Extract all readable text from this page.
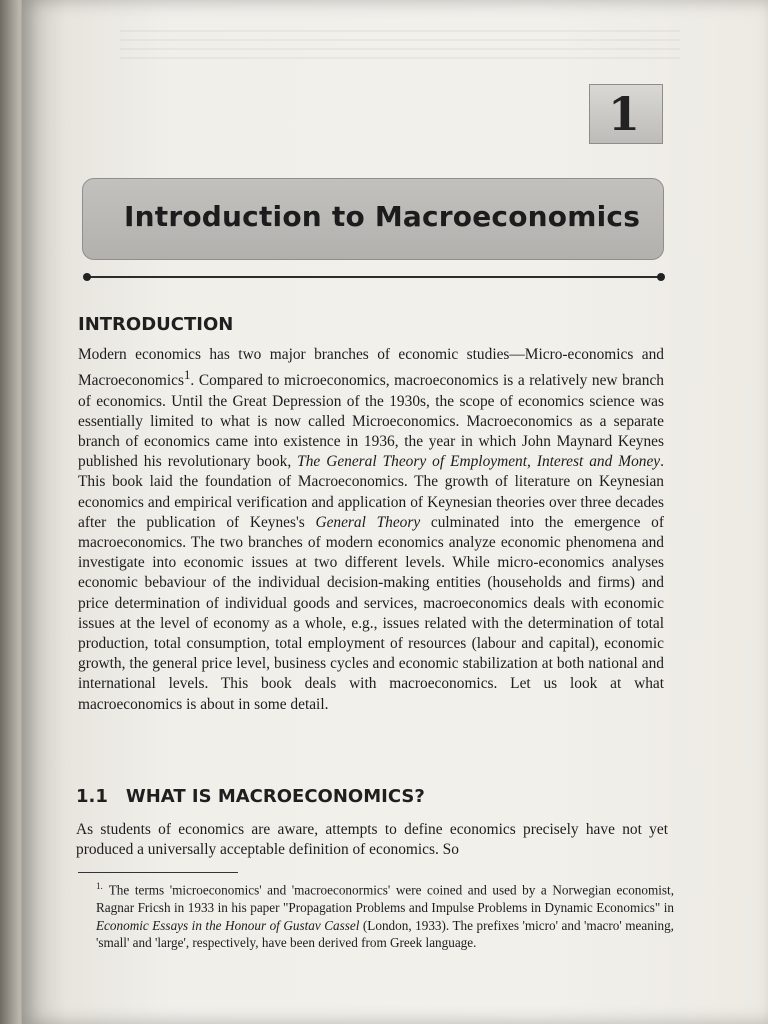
1
Introduction to Macroeconomics
INTRODUCTION

Modern economics has two major branches of economic studies—Micro-economics and Macroeconomics$^1$. Compared to microeconomics, macroeconomics is a relatively new branch of economics. Until the Great Depression of the 1930s, the scope of economics science was essentially limited to what is now called Microeconomics. Macroeconomics as a separate branch of economics came into existence in 1936, the year in which John Maynard Keynes published his revolutionary book, The General Theory of Employment, Interest and Money. This book laid the foundation of Macroeconomics. The growth of literature on Keynesian economics and empirical verification and application of Keynesian theories over three decades after the publication of Keynes's General Theory culminated into the emergence of macroeconomics. The two branches of modern economics analyze economic phenomena and investigate into economic issues at two different levels. While micro-economics analyses economic bebaviour of the individual decision-making entities (households and firms) and price determination of individual goods and services, macroeconomics deals with economic issues at the level of economy as a whole, e.g., issues related with the determination of total production, total consumption, total employment of resources (labour and capital), economic growth, the general price level, business cycles and economic stabilization at both national and international levels. This book deals with macroeconomics. Let us look at what macroeconomics is about in some detail.

1.1 WHAT IS MACROECONOMICS?

As students of economics are aware, attempts to define economics precisely have not yet produced a universally acceptable definition of economics. So

$^{1.}$ The terms 'microeconomics' and 'macroeconormics' were coined and used by a Norwegian economist, Ragnar Fricsh in 1933 in his paper "Propagation Problems and Impulse Problems in Dynamic Economics" in Economic Essays in the Honour of Gustav Cassel (London, 1933). The prefixes 'micro' and 'macro' meaning, 'small' and 'large', respectively, have been derived from Greek language.
